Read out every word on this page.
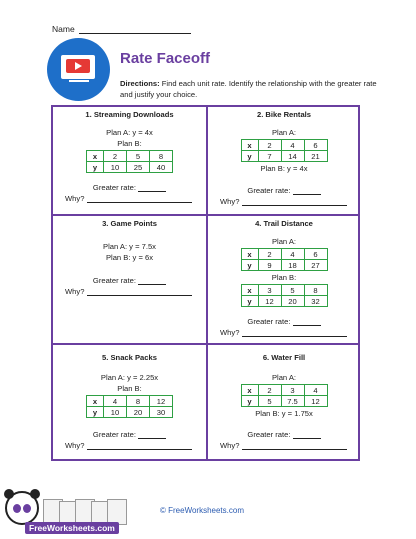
Name
Rate Faceoff
Directions: Find each unit rate. Identify the relationship with the greater rate and justify your choice.
1. Streaming Downloads
Plan A: y = 4x
Plan B:
x	2	5	8
y	10	25	40
Greater rate:
Why?
2. Bike Rentals
Plan A:
x	2	4	6
y	7	14	21
Plan B: y = 4x
Greater rate:
Why?
3. Game Points
Plan A: y = 7.5x
Plan B: y = 6x
Greater rate:
Why?
4. Trail Distance
Plan A:
x	2	4	6
y	9	18	27
Plan B:
x	3	5	8
y	12	20	32
Greater rate:
Why?
5. Snack Packs
Plan A: y = 2.25x
Plan B:
x	4	8	12
y	10	20	30
Greater rate:
Why?
6. Water Fill
Plan A:
x	2	3	4
y	5	7.5	12
Plan B: y = 1.75x
Greater rate:
Why?
FreeWorksheets.com
© FreeWorksheets.com
